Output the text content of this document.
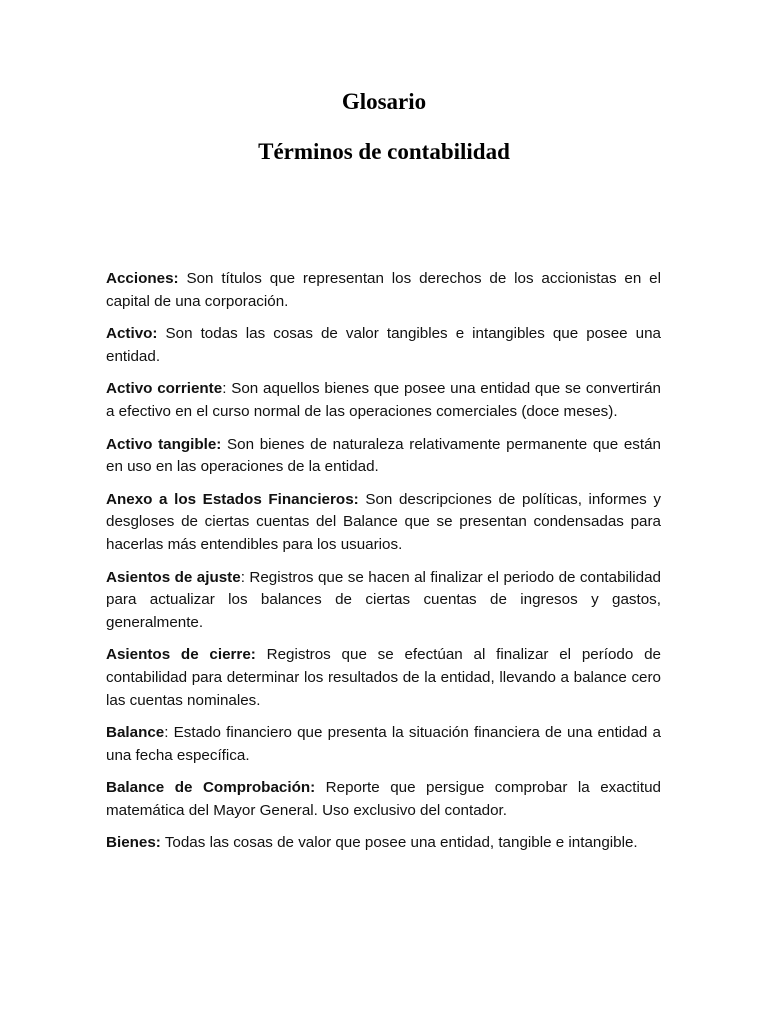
Glosario

Términos de contabilidad

Acciones: Son títulos que representan los derechos de los accionistas en el capital de una corporación.

Activo: Son todas las cosas de valor tangibles e intangibles que posee una entidad.

Activo corriente: Son aquellos bienes que posee una entidad que se convertirán a efectivo en el curso normal de las operaciones comerciales (doce meses).

Activo tangible: Son bienes de naturaleza relativamente permanente que están en uso en las operaciones de la entidad.

Anexo a los Estados Financieros: Son descripciones de políticas, informes y desgloses de ciertas cuentas del Balance que se presentan condensadas para hacerlas más entendibles para los usuarios.

Asientos de ajuste: Registros que se hacen al finalizar el periodo de contabilidad para actualizar los balances de ciertas cuentas de ingresos y gastos, generalmente.

Asientos de cierre: Registros que se efectúan al finalizar el período de contabilidad para determinar los resultados de la entidad, llevando a balance cero las cuentas nominales.

Balance: Estado financiero que presenta la situación financiera de una entidad a una fecha específica.

Balance de Comprobación: Reporte que persigue comprobar la exactitud matemática del Mayor General. Uso exclusivo del contador.

Bienes: Todas las cosas de valor que posee una entidad, tangible e intangible.
